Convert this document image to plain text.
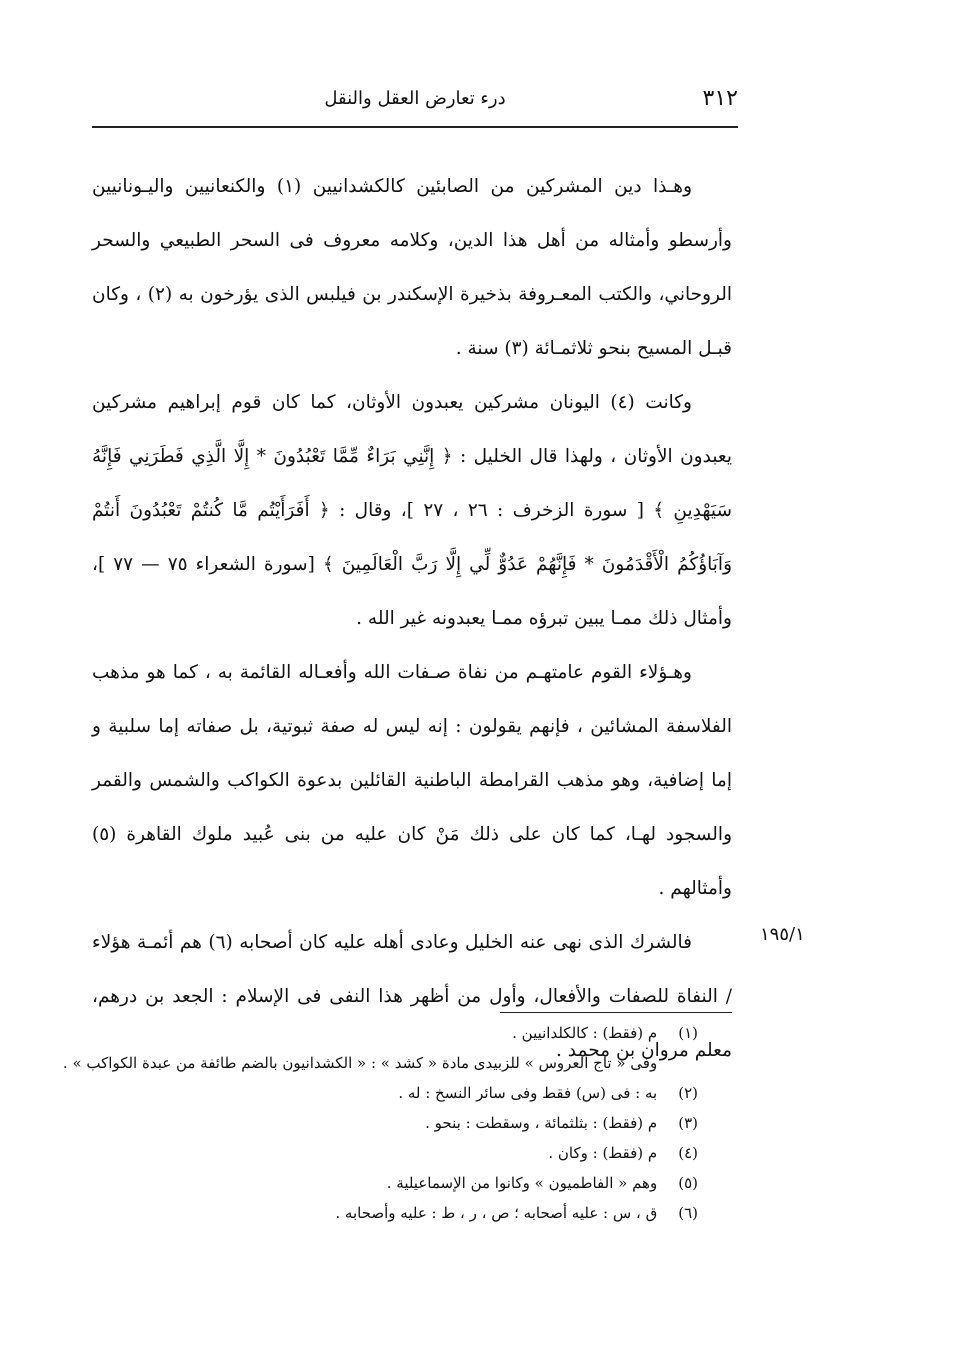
٣١٢
درء تعارض العقل والنقل

وهـذا دين المشركين من الصابئين كالكشدانيين (١) والكنعانيين واليـونانيين وأرسطو وأمثاله من أهل هذا الدين، وكلامه معروف فى السحر الطبيعي والسحر الروحاني، والكتب المعـروفة بذخيرة الإسكندر بن فيلبس الذى يؤرخون به (٢) ، وكان قبـل المسيح بنحو ثلاثمـائة (٣) سنة .

وكانت (٤) اليونان مشركين يعبدون الأوثان، كما كان قوم إبراهيم مشركين يعبدون الأوثان ، ولهذا قال الخليل : ﴿ إِنَّنِي بَرَاءٌ مِّمَّا تَعْبُدُونَ * إِلَّا الَّذِي فَطَرَنِي فَإِنَّهُ سَيَهْدِينِ ﴾ [ سورة الزخرف : ٢٦ ، ٢٧ ]، وقال : ﴿ أَفَرَأَيْتُم مَّا كُنتُمْ تَعْبُدُونَ أَنتُمْ وَآبَاؤُكُمُ الْأَقْدَمُونَ * فَإِنَّهُمْ عَدُوٌّ لِّي إِلَّا رَبَّ الْعَالَمِينَ ﴾ [سورة الشعراء ٧٥ — ٧٧ ]، وأمثال ذلك ممـا يبين تبرؤه ممـا يعبدونه غير الله .

وهـؤلاء القوم عامتهـم من نفاة صـفات الله وأفعـاله القائمة به ، كما هو مذهب الفلاسفة المشائين ، فإنهم يقولون : إنه ليس له صفة ثبوتية، بل صفاته إما سلبية و إما إضافية، وهو مذهب القرامطة الباطنية القائلين بدعوة الكواكب والشمس والقمر والسجود لهـا، كما كان على ذلك مَنْ كان عليه من بنى عُبيد ملوك القاهرة (٥) وأمثالهم .

فالشرك الذى نهى عنه الخليل وعادى أهله عليه كان أصحابه (٦) هم أئمـة هؤلاء / النفاة للصفات والأفعال، وأول من أظهر هذا النفى فى الإسلام : الجعد بن درهم، معلم مروان بن محمد .

١٩٥/١
(١) م (فقط) : كالكلدانيين .
وفى « تاج العروس » للزبيدى مادة « كشد » : « الكشدانيون بالضم طائفة من عبدة الكواكب » .
(٢) به : فى (س) فقط وفى سائر النسخ : له .
(٣) م (فقط) : بثلثمائة ، وسقطت : بنحو .
(٤) م (فقط) : وكان .
(٥) وهم « الفاطميون » وكانوا من الإسماعيلية .
(٦) ق ، س : عليه أصحابه ؛ ص ، ر ، ط : عليه وأصحابه .
